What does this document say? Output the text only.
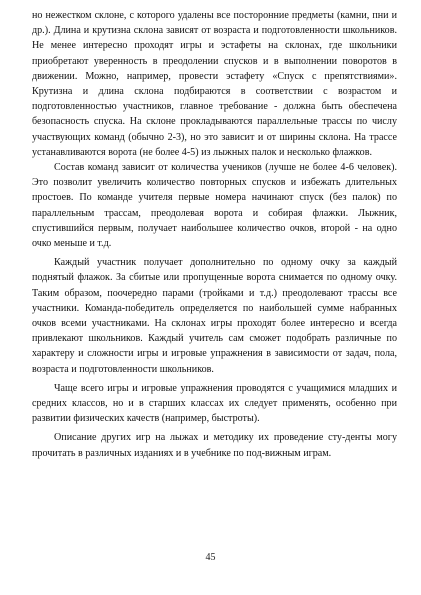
но нежестком склоне, с которого удалены все посторонние предметы (камни, пни и др.). Длина и крутизна склона зависят от возраста и подготовленности школьников. Не менее интересно проходят игры и эстафеты на склонах, где школьники приобретают уверенность в преодолении спусков и в выполнении поворотов в движении. Можно, например, провести эстафету «Спуск с препятствиями». Крутизна и длина склона подбираются в соответствии с возрастом и подготовленностью участников, главное требование - должна быть обеспечена безопасность спуска. На склоне прокладываются параллельные трассы по числу участвующих команд (обычно 2-3), но это зависит и от ширины склона. На трассе устанавливаются ворота (не более 4-5) из лыжных палок и несколько флажков.

Состав команд зависит от количества учеников (лучше не более 4-6 человек). Это позволит увеличить количество повторных спусков и избежать длительных простоев. По команде учителя первые номера начинают спуск (без палок) по параллельным трассам, преодолевая ворота и собирая флажки. Лыжник, спустившийся первым, получает наибольшее количество очков, второй - на одно очко меньше и т.д.

Каждый участник получает дополнительно по одному очку за каждый поднятый флажок. За сбитые или пропущенные ворота снимается по одному очку. Таким образом, поочередно парами (тройками и т.д.) преодолевают трассы все участники. Команда-победитель определяется по наибольшей сумме набранных очков всеми участниками. На склонах игры проходят более интересно и всегда привлекают школьников. Каждый учитель сам сможет подобрать различные по характеру и сложности игры и игровые упражнения в зависимости от задач, пола, возраста и подготовленности школьников.

Чаще всего игры и игровые упражнения проводятся с учащимися младших и средних классов, но и в старших классах их следует применять, особенно при развитии физических качеств (например, быстроты).

Описание других игр на лыжах и методику их проведение сту-денты могу прочитать в различных изданиях и в учебнике по под-вижным играм.

45
